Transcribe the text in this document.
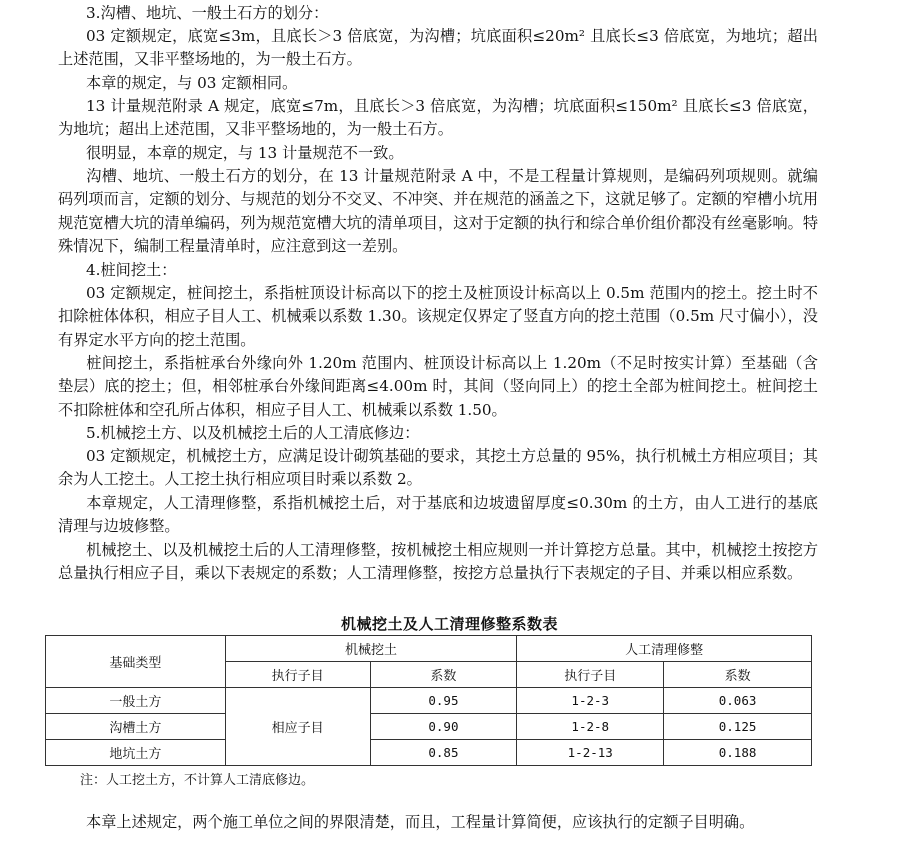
3.沟槽、地坑、一般土石方的划分：

03 定额规定，底宽≤3m，且底长＞3 倍底宽，为沟槽；坑底面积≤20m² 且底长≤3 倍底宽，为地坑；超出上述范围，又非平整场地的，为一般土石方。

本章的规定，与 03 定额相同。

13 计量规范附录 A 规定，底宽≤7m，且底长＞3 倍底宽，为沟槽；坑底面积≤150m² 且底长≤3 倍底宽，为地坑；超出上述范围，又非平整场地的，为一般土石方。

很明显，本章的规定，与 13 计量规范不一致。

沟槽、地坑、一般土石方的划分，在 13 计量规范附录 A 中，不是工程量计算规则，是编码列项规则。就编码列项而言，定额的划分、与规范的划分不交叉、不冲突、并在规范的涵盖之下，这就足够了。定额的窄槽小坑用规范宽槽大坑的清单编码，列为规范宽槽大坑的清单项目，这对于定额的执行和综合单价组价都没有丝毫影响。特殊情况下，编制工程量清单时，应注意到这一差别。

4.桩间挖土：

03 定额规定，桩间挖土，系指桩顶设计标高以下的挖土及桩顶设计标高以上 0.5m 范围内的挖土。挖土时不扣除桩体体积，相应子目人工、机械乘以系数 1.30。该规定仅界定了竖直方向的挖土范围（0.5m 尺寸偏小），没有界定水平方向的挖土范围。

桩间挖土，系指桩承台外缘向外 1.20m 范围内、桩顶设计标高以上 1.20m（不足时按实计算）至基础（含垫层）底的挖土；但，相邻桩承台外缘间距离≤4.00m 时，其间（竖向同上）的挖土全部为桩间挖土。桩间挖土不扣除桩体和空孔所占体积，相应子目人工、机械乘以系数 1.50。

5.机械挖土方、以及机械挖土后的人工清底修边：

03 定额规定，机械挖土方，应满足设计砌筑基础的要求，其挖土方总量的 95%，执行机械土方相应项目；其余为人工挖土。人工挖土执行相应项目时乘以系数 2。

本章规定，人工清理修整，系指机械挖土后，对于基底和边坡遗留厚度≤0.30m 的土方，由人工进行的基底清理与边坡修整。

机械挖土、以及机械挖土后的人工清理修整，按机械挖土相应规则一并计算挖方总量。其中，机械挖土按挖方总量执行相应子目，乘以下表规定的系数；人工清理修整，按挖方总量执行下表规定的子目、并乘以相应系数。

机械挖土及人工清理修整系数表
基础类型	机械挖土		人工清理修整	
	执行子目	系数	执行子目	系数
一般土方	相应子目	0.95	1-2-3	0.063
沟槽土方		0.90	1-2-8	0.125
地坑土方		0.85	1-2-13	0.188
注：人工挖土方，不计算人工清底修边。

本章上述规定，两个施工单位之间的界限清楚，而且，工程量计算简便，应该执行的定额子目明确。
